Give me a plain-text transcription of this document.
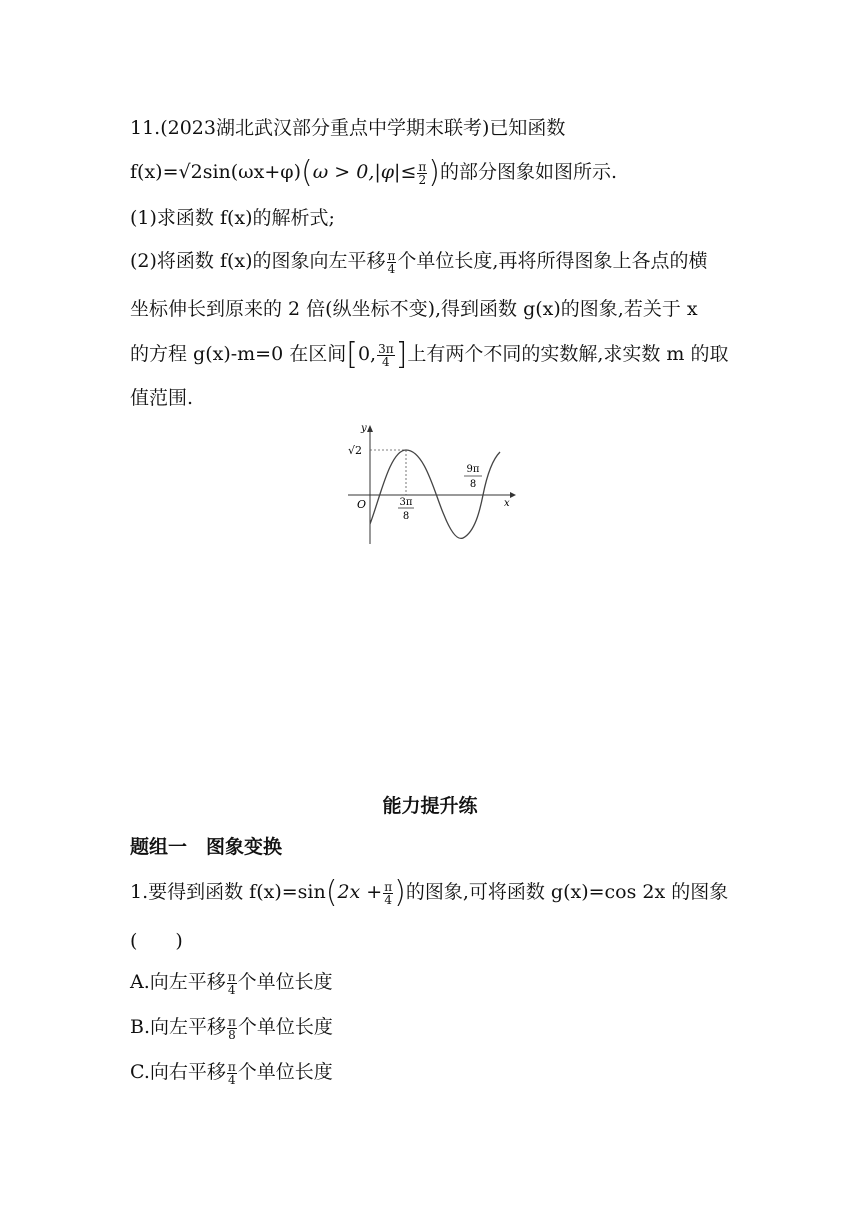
11.(2023湖北武汉部分重点中学期末联考)已知函数
$f(x)=√2\sin(\omega x+\varphi)(\omega > 0,|\varphi|\le \frac{\pi}{2}$ )的部分图象如图所示.
(1)求函数 f(x)的解析式;
(2)将函数 f(x)的图象向左平移 $\frac{\pi}{4}$ 个单位长度,再将所得图象上各点的横
坐标伸长到原来的 2 倍(纵坐标不变),得到函数 g(x)的图象,若关于 x
的方程 g(x)-m=0 在区间[0, $\frac{3\pi}{4}$ ]上有两个不同的实数解,求实数 m 的取
值范围.
y
x
O
√2
3π
8
9π
8
能力提升练
题组一　图象变换
1.要得到函数 $f(x)=\sin(2x + \frac{\pi}{4}$ )的图象,可将函数 g(x)=cos 2x 的图象
(　　)
A.向左平移 $\frac{\pi}{4}$ 个单位长度
B.向左平移 $\frac{\pi}{8}$ 个单位长度
C.向右平移 $\frac{\pi}{4}$ 个单位长度
